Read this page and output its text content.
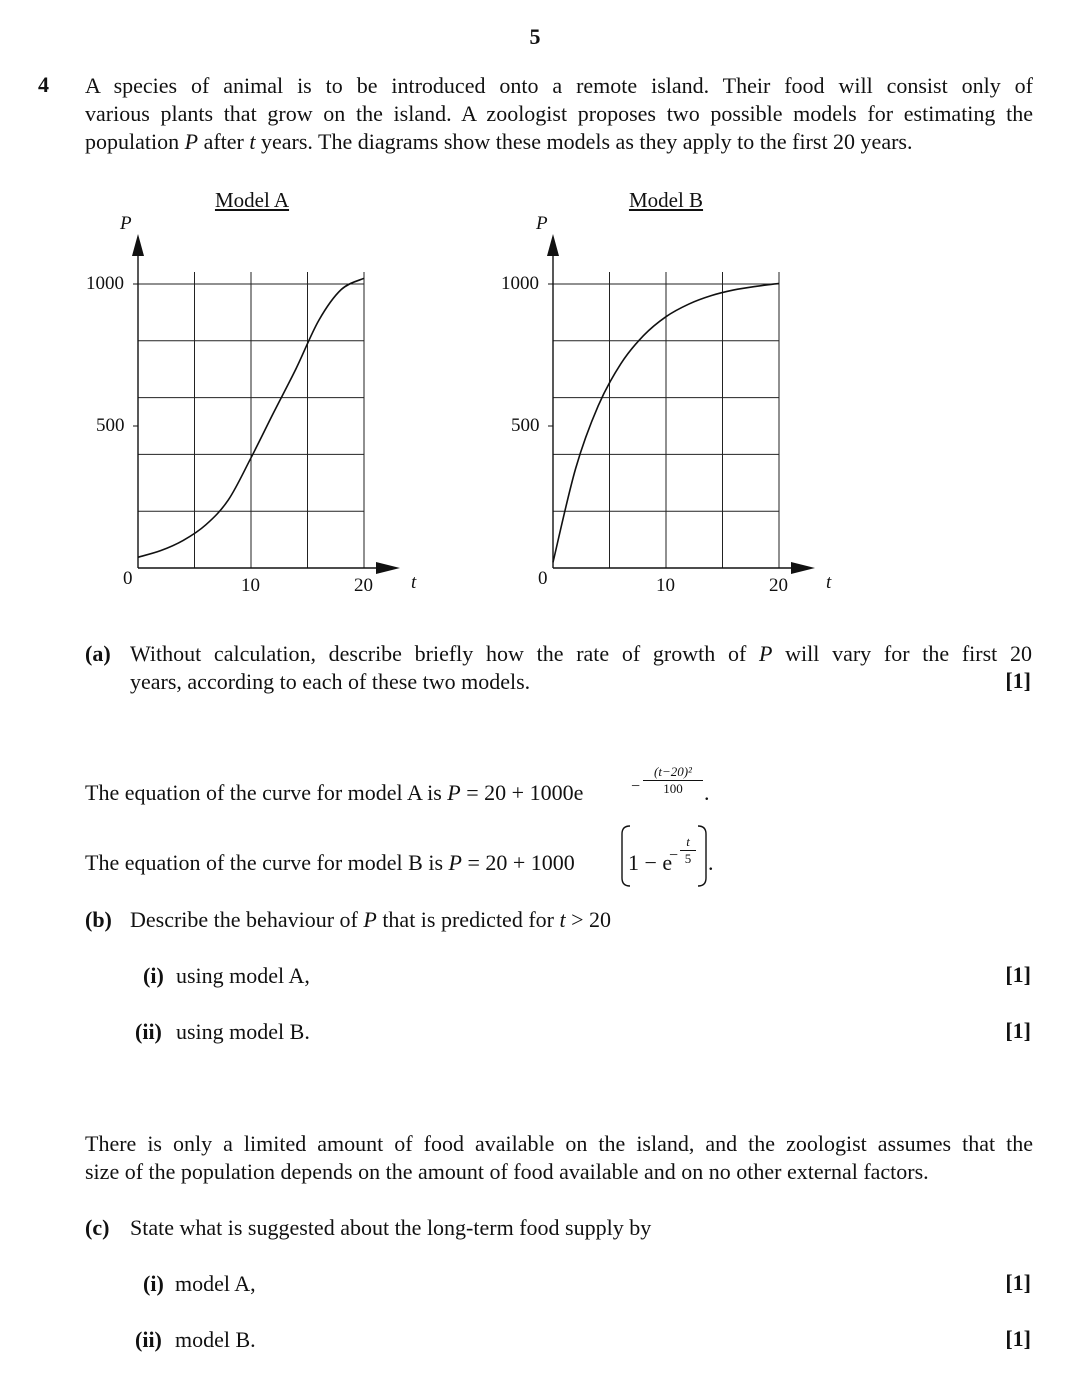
5
4 A species of animal is to be introduced onto a remote island. Their food will consist only of
various plants that grow on the island. A zoologist proposes two possible models for estimating the
population P after t years. The diagrams show these models as they apply to the first 20 years.
Model A
P
1000
500
0	10	20 t
Model B
P
1000
500
0	10	20 t
(a) Without calculation, describe briefly how the rate of growth of P will vary for the first 20
years, according to each of these two models.	[1]
The equation of the curve for model A is P = 20 + 1000e	− $\frac{\text{(t−20)²}}{100}$ .
The equation of the curve for model B is P = 20 + 1000 1 − e
− $\frac{t}{5}$ .
(b) Describe the behaviour of P that is predicted for t > 20
(i) using model A,	[1]
(ii) using model B.	[1]
There is only a limited amount of food available on the island, and the zoologist assumes that the
size of the population depends on the amount of food available and on no other external factors.
(c) State what is suggested about the long-term food supply by
(i) model A,	[1]
(ii) model B.	[1]
